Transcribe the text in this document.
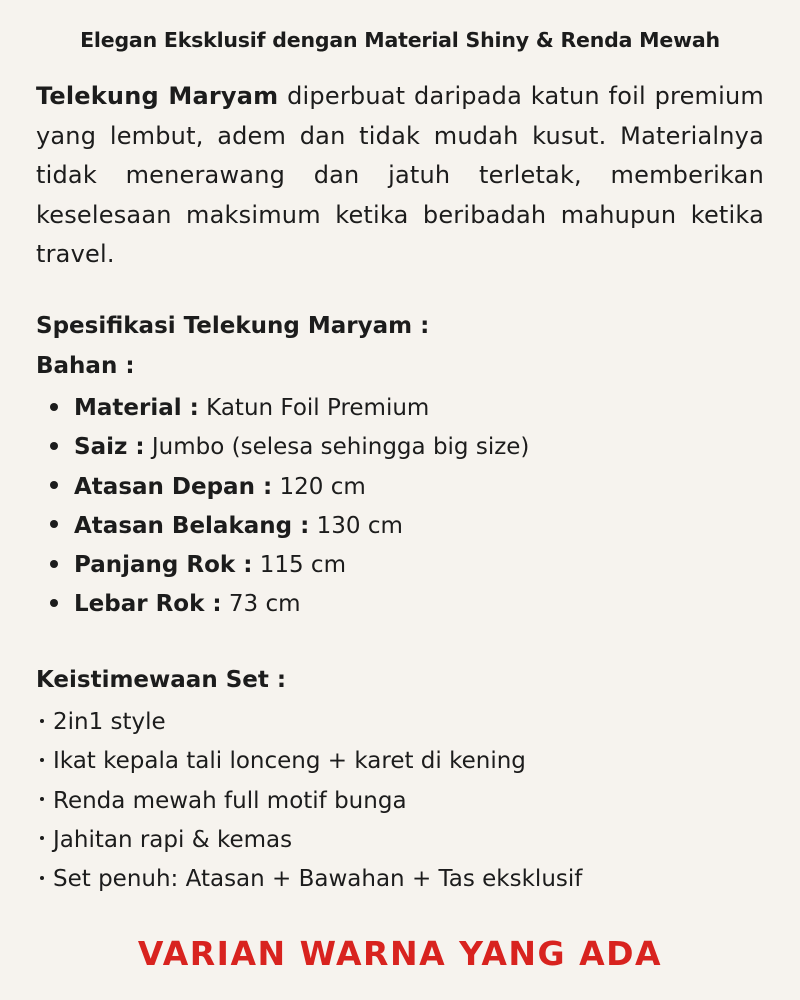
Elegan Eksklusif dengan Material Shiny & Renda Mewah
Telekung Maryam diperbuat daripada katun foil premium yang lembut, adem dan tidak mudah kusut. Materialnya tidak menerawang dan jatuh terletak, memberikan keselesaan maksimum ketika beribadah mahupun ketika travel.
Spesifikasi Telekung Maryam :
Bahan :
Material : Katun Foil Premium
Saiz : Jumbo (selesa sehingga big size)
Atasan Depan : 120 cm
Atasan Belakang : 130 cm
Panjang Rok : 115 cm
Lebar Rok : 73 cm
Keistimewaan Set :
2in1 style
Ikat kepala tali lonceng + karet di kening
Renda mewah full motif bunga
Jahitan rapi & kemas
Set penuh: Atasan + Bawahan + Tas eksklusif
VARIAN WARNA YANG ADA
